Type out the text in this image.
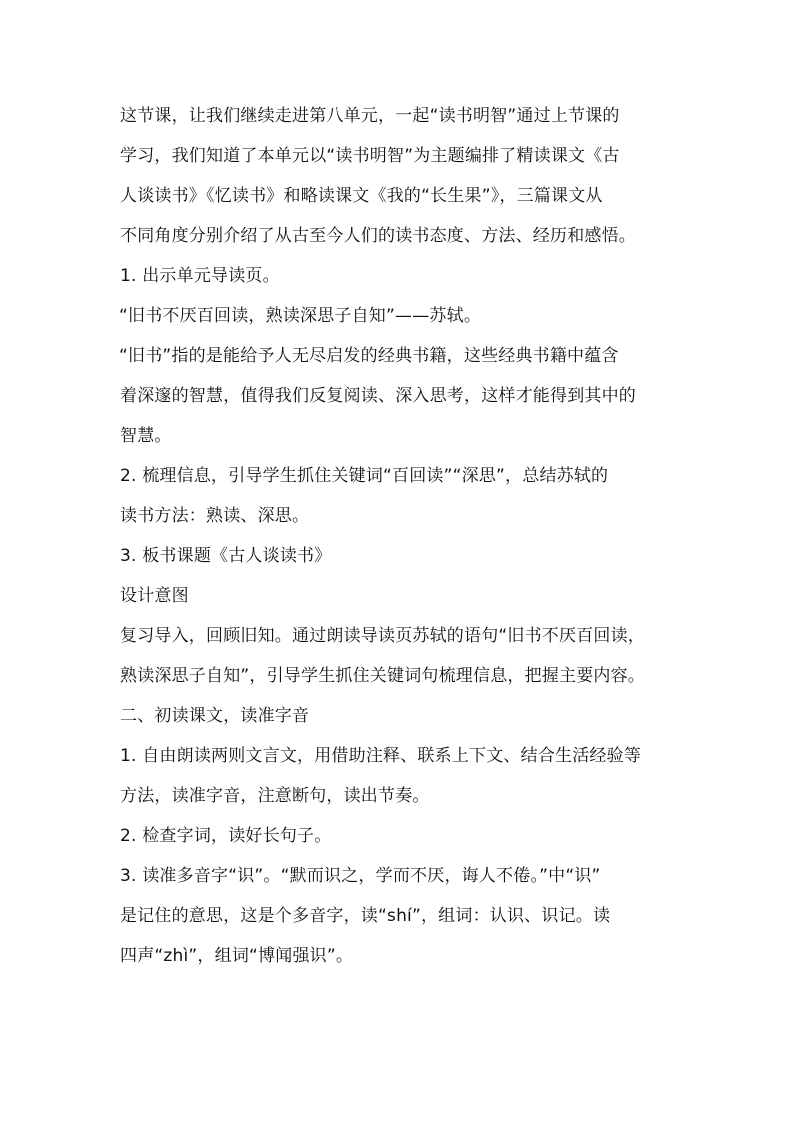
这节课，让我们继续走进第八单元，一起“读书明智”通过上节课的
学习，我们知道了本单元以“读书明智”为主题编排了精读课文《古
人谈读书》《忆读书》和略读课文《我的“长生果”》，三篇课文从
不同角度分别介绍了从古至今人们的读书态度、方法、经历和感悟。
1. 出示单元导读页。
“旧书不厌百回读，熟读深思子自知”——苏轼。
“旧书”指的是能给予人无尽启发的经典书籍，这些经典书籍中蕴含
着深邃的智慧，值得我们反复阅读、深入思考，这样才能得到其中的
智慧。
2. 梳理信息，引导学生抓住关键词“百回读”“深思”，总结苏轼的
读书方法：熟读、深思。
3. 板书课题《古人谈读书》
设计意图
复习导入，回顾旧知。通过朗读导读页苏轼的语句“旧书不厌百回读，
熟读深思子自知”，引导学生抓住关键词句梳理信息，把握主要内容。
二、初读课文，读准字音
1. 自由朗读两则文言文，用借助注释、联系上下文、结合生活经验等
方法，读准字音，注意断句，读出节奏。
2. 检查字词，读好长句子。
3. 读准多音字“识”。“默而识之，学而不厌，诲人不倦。”中“识”
是记住的意思，这是个多音字，读“shí”，组词：认识、识记。读
四声“zhì”，组词“博闻强识”。
